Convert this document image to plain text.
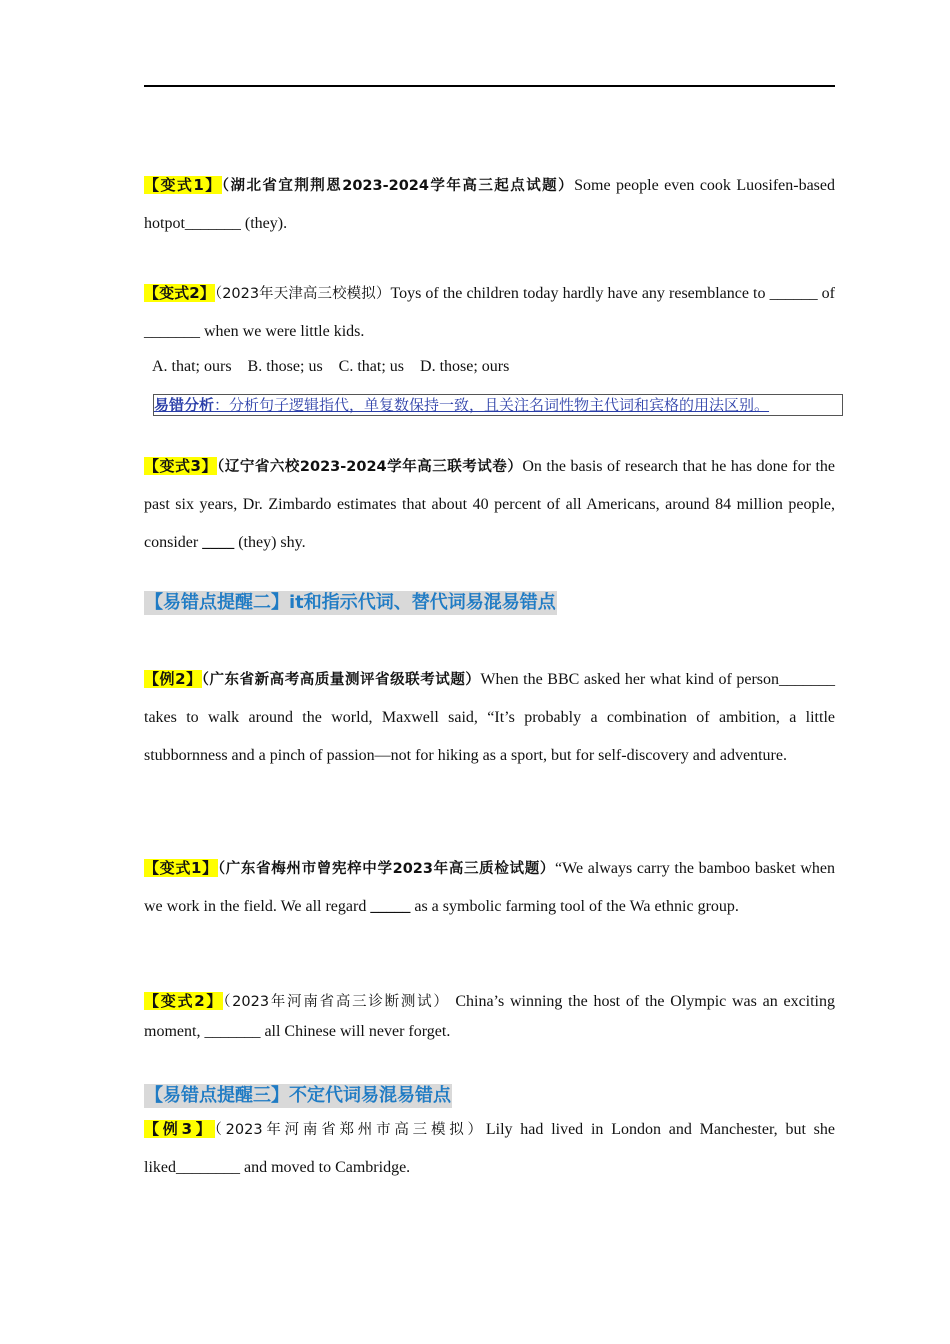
【变式1】（湖北省宜荆荆恩2023-2024学年高三起点试题）Some people even cook Luosifen-based hotpot_______ (they).
【变式2】（2023年天津高三校模拟）Toys of the children today hardly have any resemblance to ______ of _______ when we were little kids.
A. that; ours B. those; us C. that; us D. those; ours
易错分析：分析句子逻辑指代，单复数保持一致，且关注名词性物主代词和宾格的用法区别。
【变式3】（辽宁省六校2023-2024学年高三联考试卷）On the basis of research that he has done for the past six years, Dr. Zimbardo estimates that about 40 percent of all Americans, around 84 million people, consider ____ (they) shy.
【易错点提醒二】it和指示代词、替代词易混易错点
【例2】（广东省新高考高质量测评省级联考试题）When the BBC asked her what kind of person_______ takes to walk around the world, Maxwell said, “It’s probably a combination of ambition, a little stubbornness and a pinch of passion—not for hiking as a sport, but for self-discovery and adventure.
【变式1】（广东省梅州市曾宪梓中学2023年高三质检试题）“We always carry the bamboo basket when we work in the field. We all regard _____ as a symbolic farming tool of the Wa ethnic group.
【变式2】（2023年河南省高三诊断测试） China’s winning the host of the Olympic was an exciting moment, _______ all Chinese will never forget.
【易错点提醒三】不定代词易混易错点
【例3】（2023年河南省郑州市高三模拟）Lily had lived in London and Manchester, but she liked________ and moved to Cambridge.
